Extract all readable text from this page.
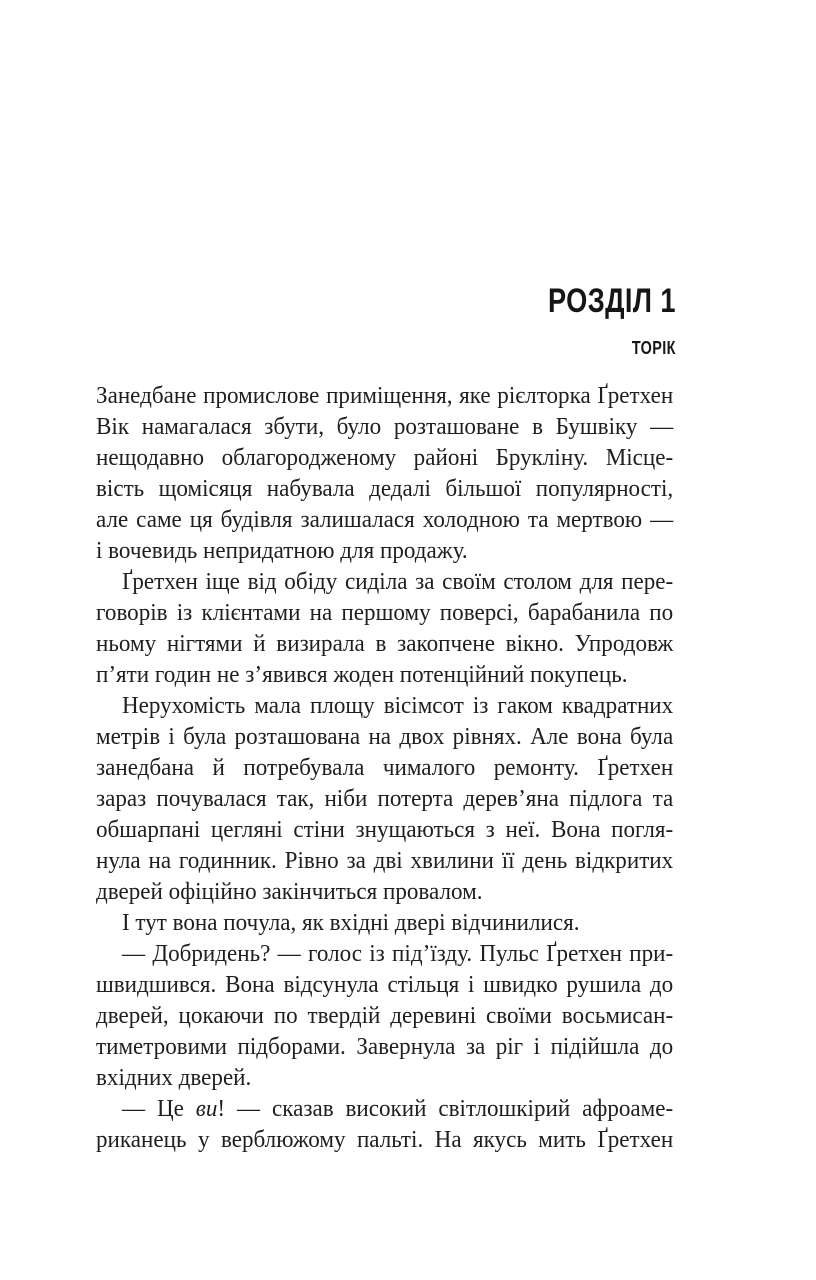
РОЗДІЛ 1
ТОРІК
Занедбане промислове приміщення, яке рієлторка Ґретхен
Вік намагалася збути, було розташоване в Бушвіку —
нещодавно облагородженому районі Брукліну. Місце-
вість щомісяця набувала дедалі більшої популярності,
але саме ця будівля залишалася холодною та мертвою —
і вочевидь непридатною для продажу.
Ґретхен іще від обіду сиділа за своїм столом для пере-
говорів із клієнтами на першому поверсі, барабанила по
ньому нігтями й визирала в закопчене вікно. Упродовж
п’яти годин не з’явився жоден потенційний покупець.
Нерухомість мала площу вісімсот із гаком квадратних
метрів і була розташована на двох рівнях. Але вона була
занедбана й потребувала чималого ремонту. Ґретхен
зараз почувалася так, ніби потерта дерев’яна підлога та
обшарпані цегляні стіни знущаються з неї. Вона погля-
нула на годинник. Рівно за дві хвилини її день відкритих
дверей офіційно закінчиться провалом.
І тут вона почула, як вхідні двері відчинилися.
— Добридень? — голос із під’їзду. Пульс Ґретхен при-
швидшився. Вона відсунула стільця і швидко рушила до
дверей, цокаючи по твердій деревині своїми восьмисан-
тиметровими підборами. Завернула за ріг і підійшла до
вхідних дверей.
— Це ви! — сказав високий світлошкірий афроаме-
риканець у верблюжому пальті. На якусь мить Ґретхен
